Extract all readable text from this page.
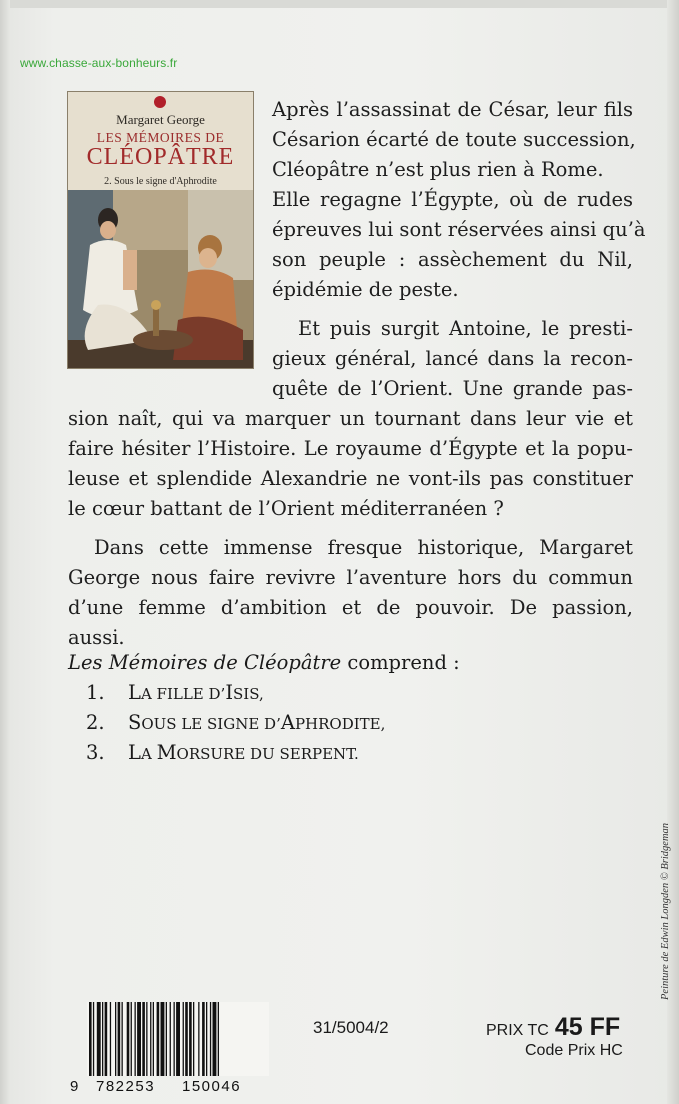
www.chasse-aux-bonheurs.fr
Margaret George
LES MÉMOIRES DE
CLÉOPÂTRE
2. Sous le signe d'Aphrodite
Après l’assassinat de César, leur fils
Césarion écarté de toute succession,
Cléopâtre n’est plus rien à Rome.
Elle regagne l’Égypte, où de rudes
épreuves lui sont réservées ainsi qu’à
son peuple : assèchement du Nil,
épidémie de peste.
Et puis surgit Antoine, le presti-
gieux général, lancé dans la recon-
quête de l’Orient. Une grande pas-
sion naît, qui va marquer un tournant dans leur vie et
faire hésiter l’Histoire. Le royaume d’Égypte et la popu-
leuse et splendide Alexandrie ne vont-ils pas constituer
le cœur battant de l’Orient méditerranéen ?
Dans cette immense fresque historique, Margaret
George nous faire revivre l’aventure hors du commun
d’une femme d’ambition et de pouvoir. De passion,
aussi.
Les Mémoires de Cléopâtre comprend :
1. LA FILLE D’ISIS,
2. SOUS LE SIGNE D’APHRODITE,
3. LA MORSURE DU SERPENT.
9 782253 150046
31/5004/2	PRIX TC 45 FF
Code Prix HC
Peinture de Edwin Longden © Bridgeman
